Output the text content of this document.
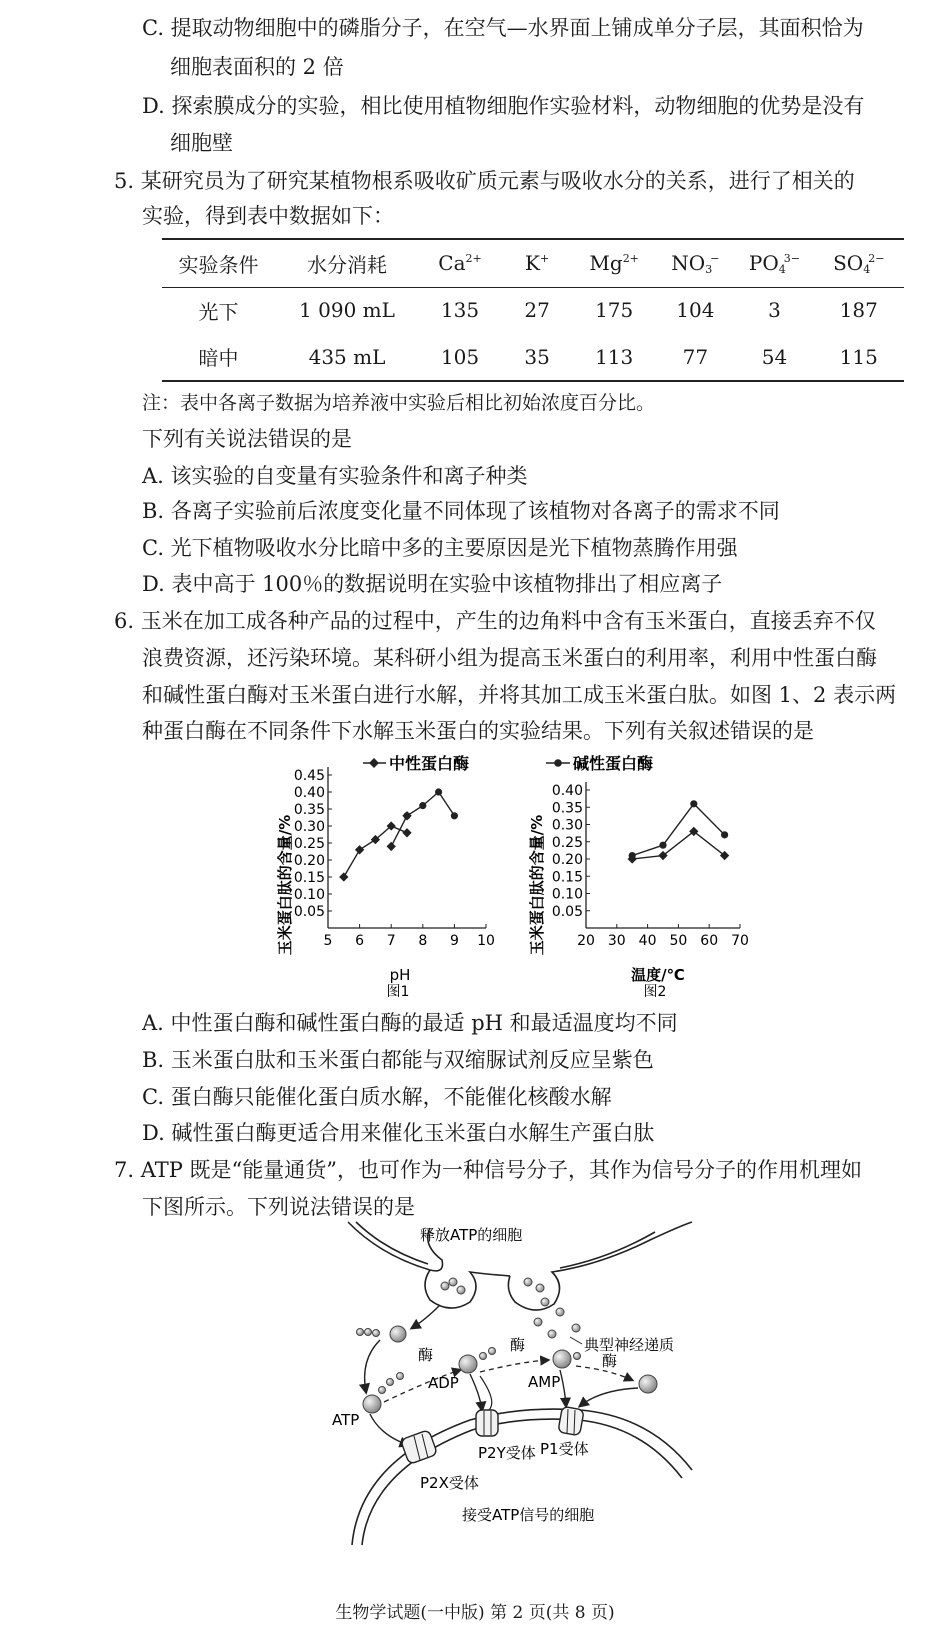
C. 提取动物细胞中的磷脂分子，在空气—水界面上铺成单分子层，其面积恰为
细胞表面积的 2 倍
D. 探索膜成分的实验，相比使用植物细胞作实验材料，动物细胞的优势是没有
细胞壁
5. 某研究员为了研究某植物根系吸收矿质元素与吸收水分的关系，进行了相关的
实验，得到表中数据如下：
实验条件	水分消耗	$Ca^{2+}$	K+	$Mg^{2+}$	$NO_3^-$	$PO_4^{3-}$	$SO_4^{2-}$
光下	1 090 mL	135	27	175	104	3	187
暗中	435 mL	105	35	113	77	54	115
注：表中各离子数据为培养液中实验后相比初始浓度百分比。
下列有关说法错误的是
A. 该实验的自变量有实验条件和离子种类
B. 各离子实验前后浓度变化量不同体现了该植物对各离子的需求不同
C. 光下植物吸收水分比暗中多的主要原因是光下植物蒸腾作用强
D. 表中高于 100％的数据说明在实验中该植物排出了相应离子
6. 玉米在加工成各种产品的过程中，产生的边角料中含有玉米蛋白，直接丢弃不仅
浪费资源，还污染环境。某科研小组为提高玉米蛋白的利用率，利用中性蛋白酶
和碱性蛋白酶对玉米蛋白进行水解，并将其加工成玉米蛋白肽。如图 1、2 表示两
种蛋白酶在不同条件下水解玉米蛋白的实验结果。下列有关叙述错误的是
中性蛋白酶
5 6 7 8 9 10
0.05
0.10
0.15
0.20
0.25
0.30
0.35
0.40
0.45
pH
玉米蛋白肽的含量/%
图1
碱性蛋白酶
20 30 40 50 60 70
0.05
0.10
0.15
0.20
0.25
0.30
0.35
0.40
温度/℃
玉米蛋白肽的含量/%
图2
A. 中性蛋白酶和碱性蛋白酶的最适 pH 和最适温度均不同
B. 玉米蛋白肽和玉米蛋白都能与双缩脲试剂反应呈紫色
C. 蛋白酶只能催化蛋白质水解，不能催化核酸水解
D. 碱性蛋白酶更适合用来催化玉米蛋白水解生产蛋白肽
7. ATP 既是“能量通货”，也可作为一种信号分子，其作为信号分子的作用机理如
下图所示。下列说法错误的是
释放ATP的细胞
典型神经递质
ATP
酶
ADP
酶
AMP
酶
P2Y受体 P1受体
P2X受体
接受ATP信号的细胞
生物学试题(一中版) 第 2 页(共 8 页)
